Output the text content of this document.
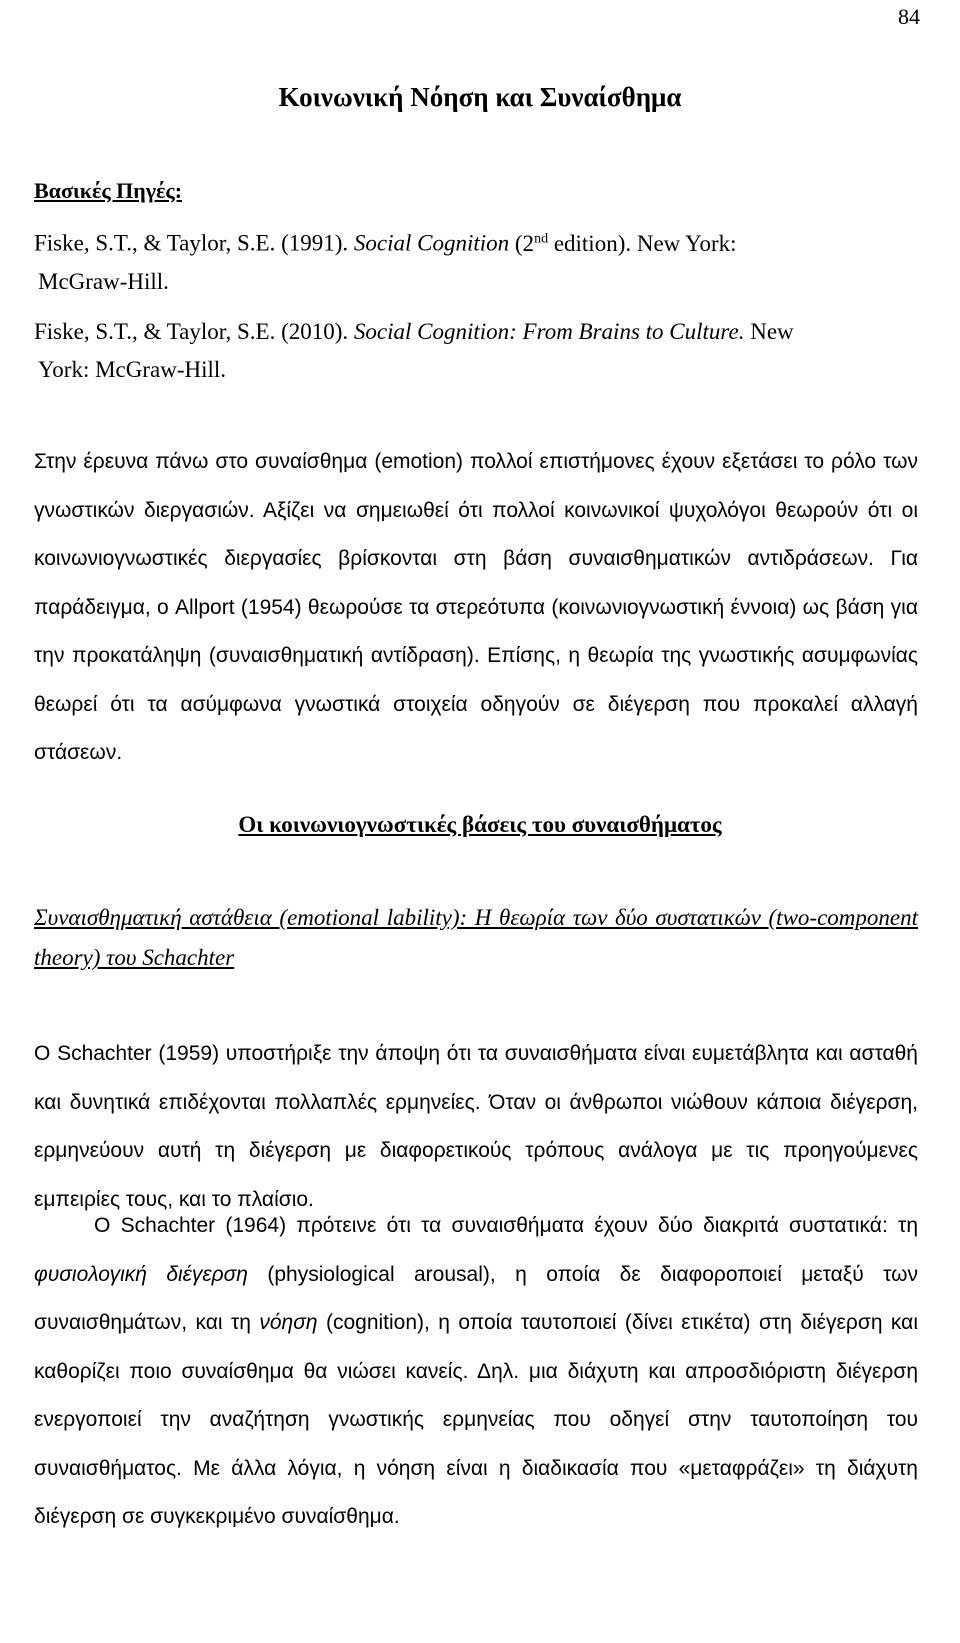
84
Κοινωνική Νόηση και Συναίσθημα
Βασικές Πηγές:
Fiske, S.T., & Taylor, S.E. (1991). Social Cognition (2nd edition). New York:
McGraw-Hill.
Fiske, S.T., & Taylor, S.E. (2010). Social Cognition: From Brains to Culture. New
York: McGraw-Hill.

Στην έρευνα πάνω στο συναίσθημα (emotion) πολλοί επιστήμονες έχουν εξετάσει το ρόλο των γνωστικών διεργασιών. Αξίζει να σημειωθεί ότι πολλοί κοινωνικοί ψυχολόγοι θεωρούν ότι οι κοινωνιογνωστικές διεργασίες βρίσκονται στη βάση συναισθηματικών αντιδράσεων. Για παράδειγμα, ο Allport (1954) θεωρούσε τα στερεότυπα (κοινωνιογνωστική έννοια) ως βάση για την προκατάληψη (συναισθηματική αντίδραση). Επίσης, η θεωρία της γνωστικής ασυμφωνίας θεωρεί ότι τα ασύμφωνα γνωστικά στοιχεία οδηγούν σε διέγερση που προκαλεί αλλαγή στάσεων.

Οι κοινωνιογνωστικές βάσεις του συναισθήματος

Συναισθηματική αστάθεια (emotional lability): Η θεωρία των δύο συστατικών (two-component theory) του Schachter

Ο Schachter (1959) υποστήριξε την άποψη ότι τα συναισθήματα είναι ευμετάβλητα και ασταθή και δυνητικά επιδέχονται πολλαπλές ερμηνείες. Όταν οι άνθρωποι νιώθουν κάποια διέγερση, ερμηνεύουν αυτή τη διέγερση με διαφορετικούς τρόπους ανάλογα με τις προηγούμενες εμπειρίες τους, και το πλαίσιο.

Ο Schachter (1964) πρότεινε ότι τα συναισθήματα έχουν δύο διακριτά συστατικά: τη φυσιολογική διέγερση (physiological arousal), η οποία δε διαφοροποιεί μεταξύ των συναισθημάτων, και τη νόηση (cognition), η οποία ταυτοποιεί (δίνει ετικέτα) στη διέγερση και καθορίζει ποιο συναίσθημα θα νιώσει κανείς. Δηλ. μια διάχυτη και απροσδιόριστη διέγερση ενεργοποιεί την αναζήτηση γνωστικής ερμηνείας που οδηγεί στην ταυτοποίηση του συναισθήματος. Με άλλα λόγια, η νόηση είναι η διαδικασία που «μεταφράζει» τη διάχυτη διέγερση σε συγκεκριμένο συναίσθημα.
